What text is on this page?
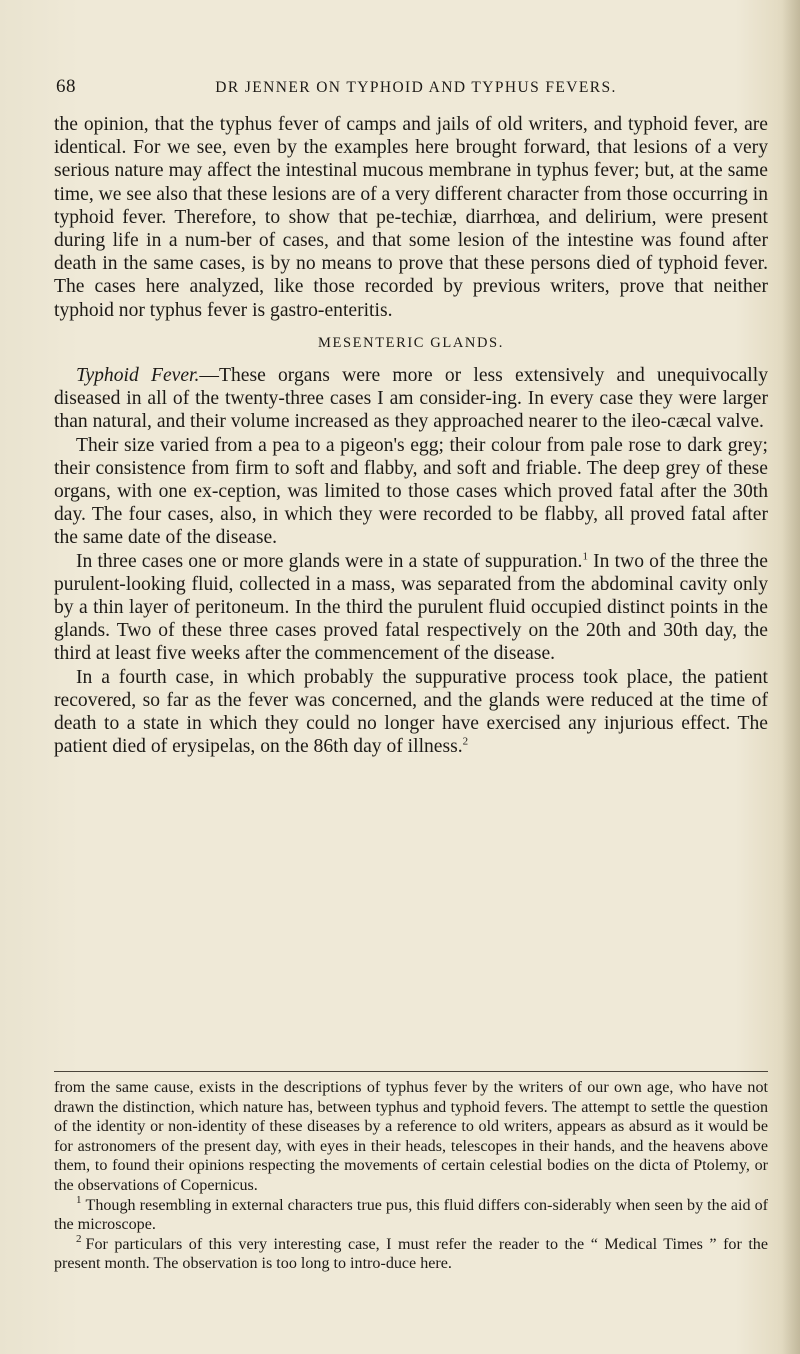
68	DR JENNER ON TYPHOID AND TYPHUS FEVERS.

the opinion, that the typhus fever of camps and jails of old writers, and typhoid fever, are identical. For we see, even by the examples here brought forward, that lesions of a very serious nature may affect the intestinal mucous membrane in typhus fever; but, at the same time, we see also that these lesions are of a very different character from those occurring in typhoid fever. Therefore, to show that pe-techiæ, diarrhœa, and delirium, were present during life in a num-ber of cases, and that some lesion of the intestine was found after death in the same cases, is by no means to prove that these persons died of typhoid fever. The cases here analyzed, like those recorded by previous writers, prove that neither typhoid nor typhus fever is gastro-enteritis.

MESENTERIC GLANDS.

Typhoid Fever.—These organs were more or less extensively and unequivocally diseased in all of the twenty-three cases I am consider-ing. In every case they were larger than natural, and their volume increased as they approached nearer to the ileo-cæcal valve.

Their size varied from a pea to a pigeon's egg; their colour from pale rose to dark grey; their consistence from firm to soft and flabby, and soft and friable. The deep grey of these organs, with one ex-ception, was limited to those cases which proved fatal after the 30th day. The four cases, also, in which they were recorded to be flabby, all proved fatal after the same date of the disease.

In three cases one or more glands were in a state of suppuration.$^1$ In two of the three the purulent-looking fluid, collected in a mass, was separated from the abdominal cavity only by a thin layer of peritoneum. In the third the purulent fluid occupied distinct points in the glands. Two of these three cases proved fatal respectively on the 20th and 30th day, the third at least five weeks after the commencement of the disease.

In a fourth case, in which probably the suppurative process took place, the patient recovered, so far as the fever was concerned, and the glands were reduced at the time of death to a state in which they could no longer have exercised any injurious effect. The patient died of erysipelas, on the 86th day of illness.$^2$

from the same cause, exists in the descriptions of typhus fever by the writers of our own age, who have not drawn the distinction, which nature has, between typhus and typhoid fevers. The attempt to settle the question of the identity or non-identity of these diseases by a reference to old writers, appears as absurd as it would be for astronomers of the present day, with eyes in their heads, telescopes in their hands, and the heavens above them, to found their opinions respecting the movements of certain celestial bodies on the dicta of Ptolemy, or the observations of Copernicus.

$^1$ Though resembling in external characters true pus, this fluid differs con-siderably when seen by the aid of the microscope.

$^2$ For particulars of this very interesting case, I must refer the reader to the “ Medical Times ” for the present month. The observation is too long to intro-duce here.
